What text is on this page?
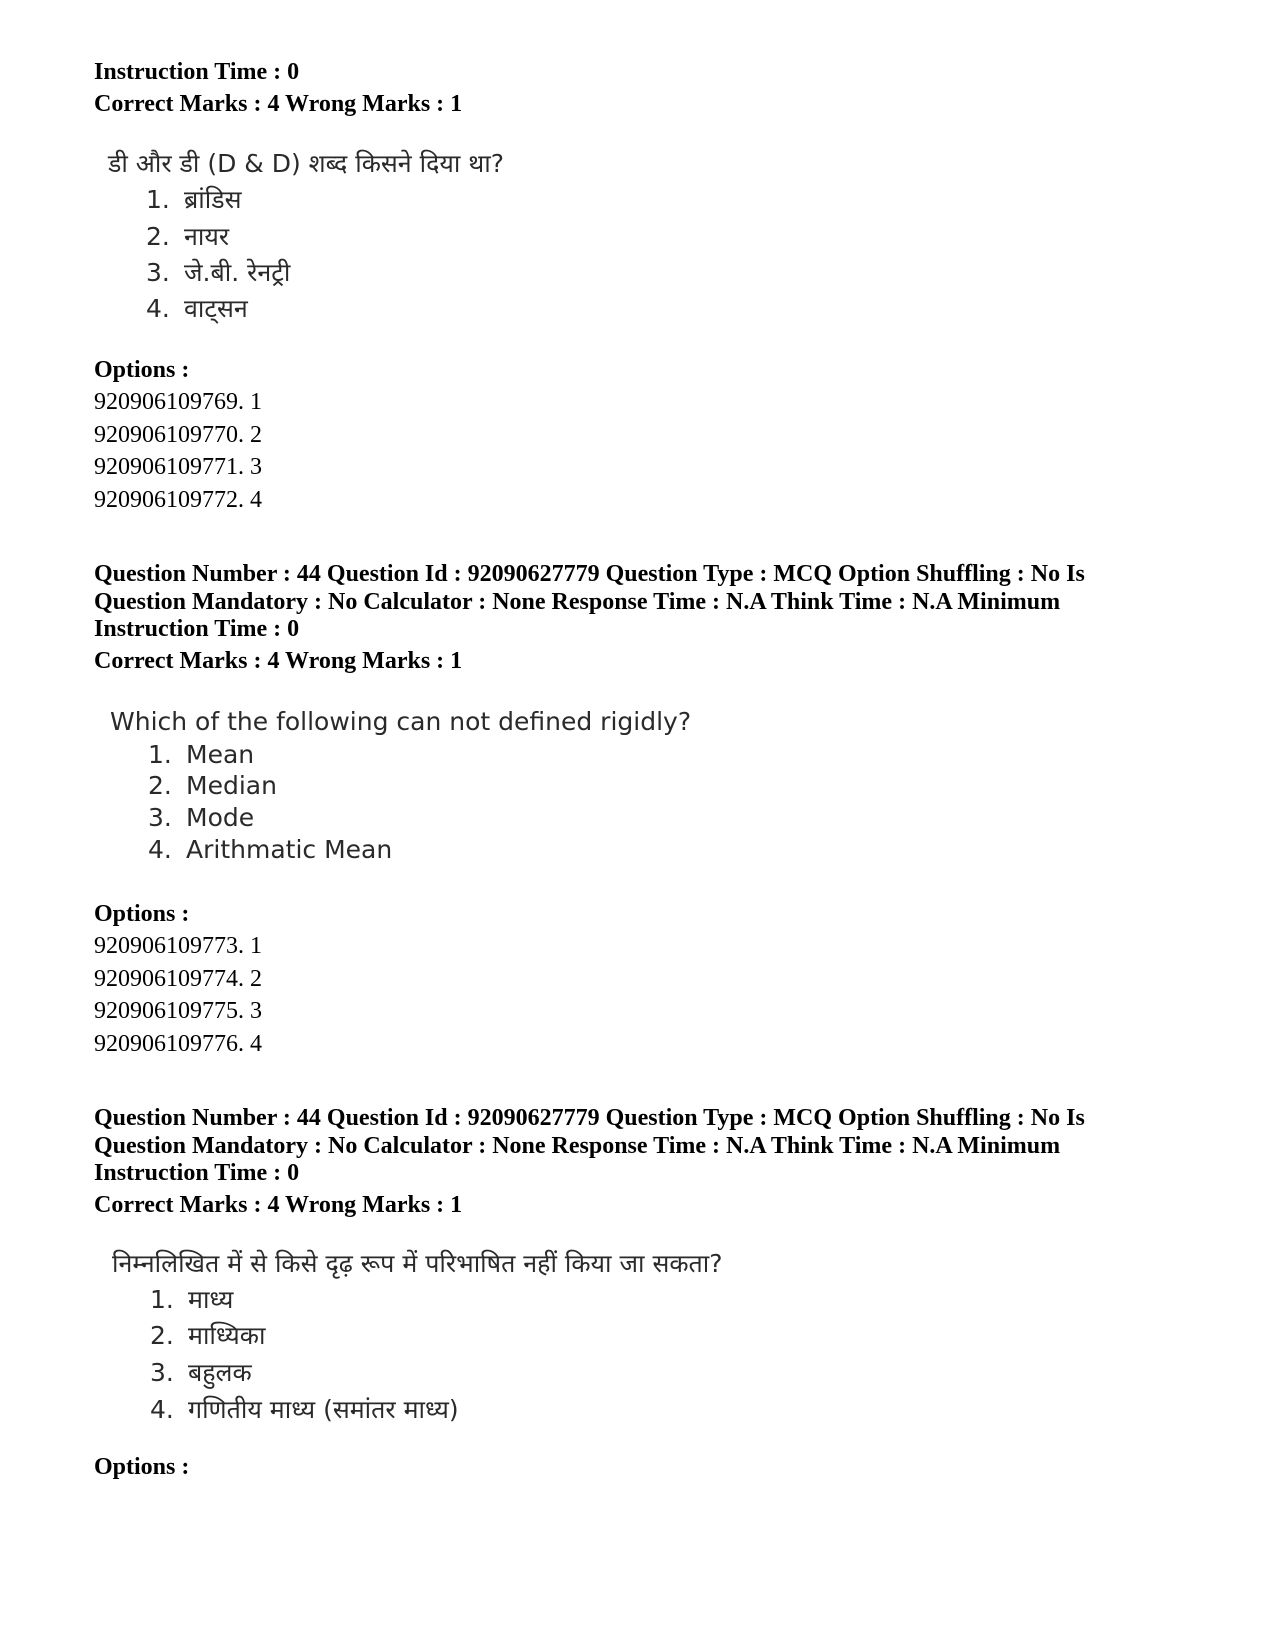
Instruction Time : 0
Correct Marks : 4 Wrong Marks : 1
डी और डी (D & D) शब्द किसने दिया था?
1. ब्रांडिस
2. नायर
3. जे.बी. रेनट्री
4. वाट्सन
Options :
920906109769. 1
920906109770. 2
920906109771. 3
920906109772. 4
Question Number : 44 Question Id : 92090627779 Question Type : MCQ Option Shuffling : No Is
Question Mandatory : No Calculator : None Response Time : N.A Think Time : N.A Minimum
Instruction Time : 0
Correct Marks : 4 Wrong Marks : 1
Which of the following can not defined rigidly?
1. Mean
2. Median
3. Mode
4. Arithmatic Mean
Options :
920906109773. 1
920906109774. 2
920906109775. 3
920906109776. 4
Question Number : 44 Question Id : 92090627779 Question Type : MCQ Option Shuffling : No Is
Question Mandatory : No Calculator : None Response Time : N.A Think Time : N.A Minimum
Instruction Time : 0
Correct Marks : 4 Wrong Marks : 1
निम्नलिखित में से किसे दृढ़ रूप में परिभाषित नहीं किया जा सकता?
1. माध्य
2. माध्यिका
3. बहुलक
4. गणितीय माध्य (समांतर माध्य)
Options :
